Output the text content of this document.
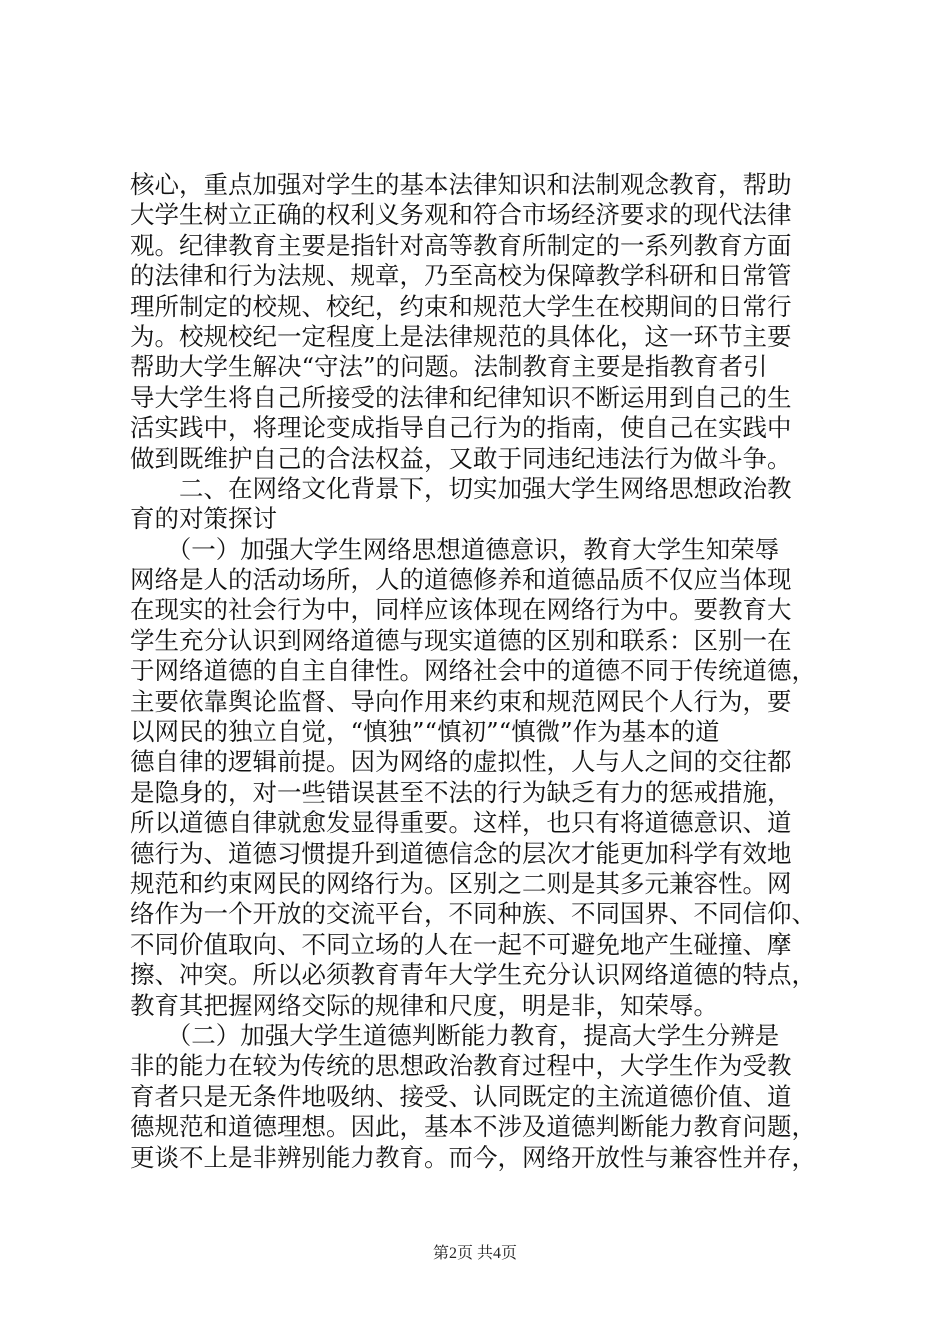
核心，重点加强对学生的基本法律知识和法制观念教育，帮助
大学生树立正确的权利义务观和符合市场经济要求的现代法律
观。纪律教育主要是指针对高等教育所制定的一系列教育方面
的法律和行为法规、规章，乃至高校为保障教学科研和日常管
理所制定的校规、校纪，约束和规范大学生在校期间的日常行
为。校规校纪一定程度上是法律规范的具体化，这一环节主要
帮助大学生解决“守法”的问题。法制教育主要是指教育者引
导大学生将自己所接受的法律和纪律知识不断运用到自己的生
活实践中，将理论变成指导自己行为的指南，使自己在实践中
做到既维护自己的合法权益，又敢于同违纪违法行为做斗争。
　　二、在网络文化背景下，切实加强大学生网络思想政治教
育的对策探讨
　　（一）加强大学生网络思想道德意识，教育大学生知荣辱
网络是人的活动场所，人的道德修养和道德品质不仅应当体现
在现实的社会行为中，同样应该体现在网络行为中。要教育大
学生充分认识到网络道德与现实道德的区别和联系：区别一在
于网络道德的自主自律性。网络社会中的道德不同于传统道德，
主要依靠舆论监督、导向作用来约束和规范网民个人行为，要
以网民的独立自觉，“慎独”“慎初”“慎微”作为基本的道
德自律的逻辑前提。因为网络的虚拟性，人与人之间的交往都
是隐身的，对一些错误甚至不法的行为缺乏有力的惩戒措施，
所以道德自律就愈发显得重要。这样，也只有将道德意识、道
德行为、道德习惯提升到道德信念的层次才能更加科学有效地
规范和约束网民的网络行为。区别之二则是其多元兼容性。网
络作为一个开放的交流平台，不同种族、不同国界、不同信仰、
不同价值取向、不同立场的人在一起不可避免地产生碰撞、摩
擦、冲突。所以必须教育青年大学生充分认识网络道德的特点，
教育其把握网络交际的规律和尺度，明是非，知荣辱。
　　（二）加强大学生道德判断能力教育，提高大学生分辨是
非的能力在较为传统的思想政治教育过程中，大学生作为受教
育者只是无条件地吸纳、接受、认同既定的主流道德价值、道
德规范和道德理想。因此，基本不涉及道德判断能力教育问题，
更谈不上是非辨别能力教育。而今，网络开放性与兼容性并存，
第2页 共4页
